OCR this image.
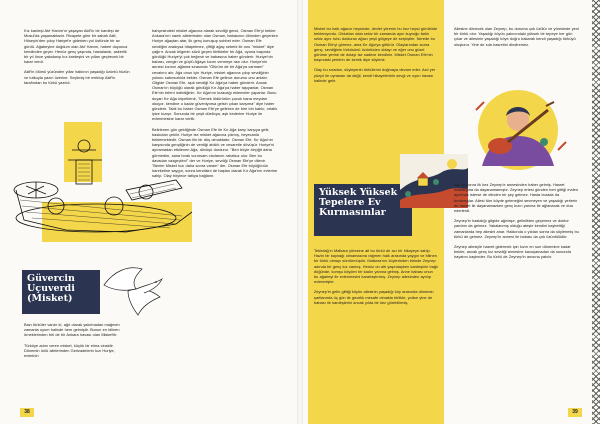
Kız kardeşi Atıf Hanım'ın yaşayan Akif'in bir kardeşi de Musul'da yaşamaktadır. Rivayete göre bir sabah Akif, Hüseyin'den çıkıp Hariyet'e giderken yol üstünde bir av gördü. Ağabeyine doğdum olan Atıf Hanım, haberi duyunca kendinden geçer. Henüz genç yaşında, hastalandı, askerlik bir yıl önce yakalanıp kız kardeşini ve yılları geçirecek bir karar verdi.

Akif'in ölümü yüzünden yıllar halkının yaşadığı üzüntü hüzün ve tutkuyla yazın üzerine. Seçilmiş bir mektup Akif'in tarafından bu türkü yazıldı.

Güvercin Uçuverdi (Misket)

Bazı türküler vardır ki, ağıt olarak yakılmadan mağmen zamanla uyum halinde hem gelmiştir. Bunun en bilinen örneklerinden biri de bir Ankara havası olan Misket'tir.

Türküye adını veren misket, küçük bir elma cinsidir. Dönemin ünlü ailelerinden Gerizadelerin kızı Huriye, evlerinin

bahçesindeki misket ağacına olarak sevdiği genci, Osman Efe'yi bekler. Ankara'nın namlı ailelerinden olan Osman, babasının ölümden geçerken Huriye ağaçtan atar, ilk genç konuşup sohbet eder. Osman Efe sevdiğini aradıysa hitapetmez, çiftiği ağaç sebebi ile onu "misket" diye çağırır. Ancak bilgenin sözü geçen birlikteler bir Ağa, oyuna başında gördüğü Huriye'yi çok beğenir ve babasına haber gönderir. Huriye'nin babası, zengin ve güçlü Ağaya kızını vermeye razı olur. Huriye'nin annesi kızının ağlama sırasında "Ölürüm de bir Ağa'ya varmam" cevabını alır. Ağa onun için Huriye, misket ağacına çıkıp sevdiğinin yolunu sabırsızlıkla bekler. Osman Efe gelince durumu onu anlatır. Gitgide Osman Efe, aşık sevdiği Kır Ağa'ya haber gönderir. Ancak Osman'ın büyüğü olarak gördüğü Kır Ağa'ya haber taşıyanlar, Osman Efe'nin tefeni indirdiğinin. Kır Ağa'nın kızacağı eklemeler yaparlar. Bunu duyan Kır Ağa köpeklenir, "Demek öldürürüm çocuk bana meydan okuyor, kendine o kadar güveniyorsa gelsin çıkan karşıma" diye haber gönderir. Tabii bu haber Osman Efe'ye gelirken de bire bin katılır, ortalık iyice kızışır. Sonunda bir çeşit düelloya, aşk kederine Huriye ile evlenmesine karar verilir.

Belirlenen gün geldiğinde Osman Efe ile Kır Ağa karşı karşıya gelir, baskıdan çekilir. Huriye ise misket ağacına çıkmış, heyecanla beklemektedir. Osman ilin bir düş olmaktadır. Osman Efe, Kır Ağa'nın karşısında gençliğinin de verdiği atıklık ve cesaretle dövüşür. Huriye'ni ayıramadan etkilenen Ağa, dövüşü durdurur. "Ben böyle birçiğit daha görmedim, sana bırak vurursam vicdanım rahatsız olur. Ben bu davadan vazgeçtim!" der ve Huriye, sevdiği Osman Efe'ye dilenir. "Benim Misket kızı daha sonra varam" der. Osman Efe büyüğünün hareketine saygın, sonra kendisini de baştan olarak Kır Ağa'nın evlerine sahip. Olay böylece tatlıya bağlanır.

38

Misket bu halk ağacın hepsinde, devlet yörenin bu kez hepsi gürültüde bekleniyordu. Oldukları dala sekiz bir zamanda aynı kuyruğu farklı sekiz aynı ruhu dolduran ağacı yeşil gölgeye de serpiştirir. Nerede bu Osman Efe'yi görmez, ama Kır Ağa'ya götürür. Olaylarından sonra genç, sevdiğinin türküsünü üzüntüden dolayı ve eğer onu güzel görürse yerine de dolayı ise sadece kendinin. Misket Osman Efe'nin başındaki yerlerin de kemik diye söylenir.

Olay bu sıradan, söyleyenin türkülerini doğmaya devam eder. Asıl yer yüzyıl ile oynanan da değil, kendi hikayelerinin sevgi ve oyun havası halinde gelir.

Yüksek Yüksek Tepelere Ev Kurmasınlar

Tekirdağ'ın Malkara yöresine ait bu türkü de acı bir hikayeye sahip. Hazin bir kaynağı olmamasına rağmen halk arasında yaygın ve bilinen bir türkü olmayı sürdürmüştür. Malkara'nın köylerinden birinde Zeynep adında bir genç kız varmış. Henüz on altı yaşındayken kardeşinin bağlı düğünde, komşu köyden bir kadın yanına gelmiş. Anne babası onun bu ağabeyi ile evlenmesini kararlaştırmış. Zeynep ailesinden ayrılıp evlenmişler.

Zeynep'in gelin gittiği köyün ailesinin yaşadığı köy arasında dönemin şartlarında üç gün ile gecelik mesafe olmakla birlikte, yolları yine de babası ile kardeşlerini ancak yılda bir kez görebilirmiş.

Ailesine dönecek olan Zeynep, bu duruma çok üzülür ve yöresinde yeni bir türkü olur. Yaşadığı köyün yakınındaki yüksek bir tepeye her gün çıkar ve ailesinin yaşadığı köye doğru bakarak kendi yaşadığı türküyü oluşturur. Yine de sıla hasretini dindiremez.

Altı ay sonra ilk kez Zeynep'e annesinden haber gelmiş. Hasret hastalığına da dayanamamıştır. Zeynep ertesi günden beri gittiği evden ayrılmak isterse de elinden bir şey gelmez. Hasta burada da bırakmışlar. Ailesi tüm köyde geleneğini sevmeyen ve yaşadığı yerlerin de hasret ile dayanamazken genç kızın yanına ile ağlanacak ve dua ederlerdi.

Zeynep'in hastalığı gitgide ağırlaşır, gelinlikten geçemez ve doktor yardımı da gelmez. Yakalanmış olduğu ateşle kendini kaybettiği zamanlarda hep ailesini anar. Hakkında o yıldan sonra da söylenmiş bu türkü de gelmez. Zeynep'in annesi ile babası da çok üzüntülüdür.

Zeynep ailesiyle hasret gidermek için kızın en son dönemine kadar bekler, ancak genç kız sevdiği annesine kavuşamadan da sonunda hayatını kaybeder. Bu türkü de Zeynep'in anısına yakılır.

39
